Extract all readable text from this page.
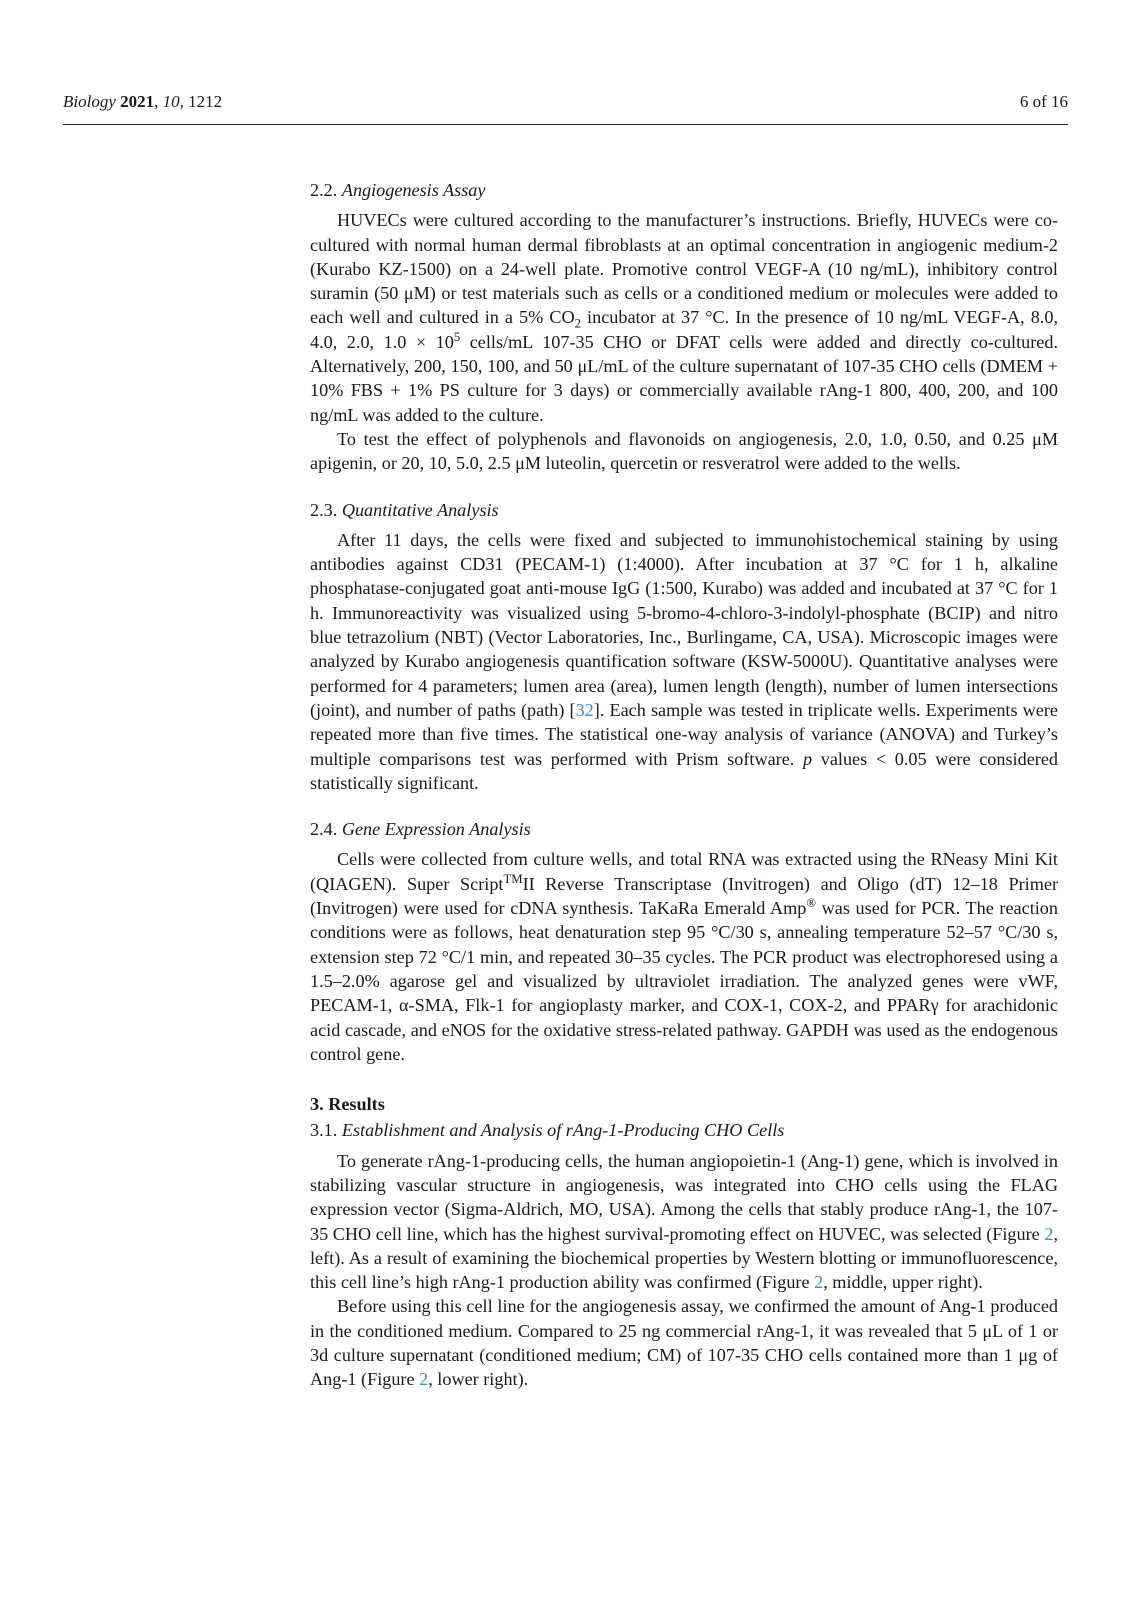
Biology 2021, 10, 1212	6 of 16
2.2. Angiogenesis Assay

HUVECs were cultured according to the manufacturer’s instructions. Briefly, HUVECs were co-cultured with normal human dermal fibroblasts at an optimal concentration in angiogenic medium-2 (Kurabo KZ-1500) on a 24-well plate. Promotive control VEGF-A (10 ng/mL), inhibitory control suramin (50 μM) or test materials such as cells or a conditioned medium or molecules were added to each well and cultured in a 5% $CO_2$ incubator at 37 °C. In the presence of 10 ng/mL VEGF-A, 8.0, 4.0, 2.0, $1.0 \times 10^5$ cells/mL 107-35 CHO or DFAT cells were added and directly co-cultured. Alternatively, 200, 150, 100, and 50 μL/mL of the culture supernatant of 107-35 CHO cells (DMEM + 10% FBS + 1% PS culture for 3 days) or commercially available rAng-1 800, 400, 200, and 100 ng/mL was added to the culture.

To test the effect of polyphenols and flavonoids on angiogenesis, 2.0, 1.0, 0.50, and 0.25 μM apigenin, or 20, 10, 5.0, 2.5 μM luteolin, quercetin or resveratrol were added to the wells.

2.3. Quantitative Analysis

After 11 days, the cells were fixed and subjected to immunohistochemical staining by using antibodies against CD31 (PECAM-1) (1:4000). After incubation at 37 °C for 1 h, alkaline phosphatase-conjugated goat anti-mouse IgG (1:500, Kurabo) was added and incubated at 37 °C for 1 h. Immunoreactivity was visualized using 5-bromo-4-chloro-3-indolyl-phosphate (BCIP) and nitro blue tetrazolium (NBT) (Vector Laboratories, Inc., Burlingame, CA, USA). Microscopic images were analyzed by Kurabo angiogenesis quantification software (KSW-5000U). Quantitative analyses were performed for 4 parameters; lumen area (area), lumen length (length), number of lumen intersections (joint), and number of paths (path) [32]. Each sample was tested in triplicate wells. Experiments were repeated more than five times. The statistical one-way analysis of variance (ANOVA) and Turkey’s multiple comparisons test was performed with Prism software. p values < 0.05 were considered statistically significant.

2.4. Gene Expression Analysis

Cells were collected from culture wells, and total RNA was extracted using the RNeasy Mini Kit (QIAGEN). Super Script™II Reverse Transcriptase (Invitrogen) and Oligo (dT) 12–18 Primer (Invitrogen) were used for cDNA synthesis. TaKaRa Emerald Amp® was used for PCR. The reaction conditions were as follows, heat denaturation step 95 °C/30 s, annealing temperature 52–57 °C/30 s, extension step 72 °C/1 min, and repeated 30–35 cycles. The PCR product was electrophoresed using a 1.5–2.0% agarose gel and visualized by ultraviolet irradiation. The analyzed genes were vWF, PECAM-1, α-SMA, Flk-1 for angioplasty marker, and COX-1, COX-2, and PPARγ for arachidonic acid cascade, and eNOS for the oxidative stress-related pathway. GAPDH was used as the endogenous control gene.

3. Results
3.1. Establishment and Analysis of rAng-1-Producing CHO Cells

To generate rAng-1-producing cells, the human angiopoietin-1 (Ang-1) gene, which is involved in stabilizing vascular structure in angiogenesis, was integrated into CHO cells using the FLAG expression vector (Sigma-Aldrich, MO, USA). Among the cells that stably produce rAng-1, the 107-35 CHO cell line, which has the highest survival-promoting effect on HUVEC, was selected (Figure 2, left). As a result of examining the biochemical properties by Western blotting or immunofluorescence, this cell line’s high rAng-1 production ability was confirmed (Figure 2, middle, upper right).

Before using this cell line for the angiogenesis assay, we confirmed the amount of Ang-1 produced in the conditioned medium. Compared to 25 ng commercial rAng-1, it was revealed that 5 μL of 1 or 3d culture supernatant (conditioned medium; CM) of 107-35 CHO cells contained more than 1 μg of Ang-1 (Figure 2, lower right).
